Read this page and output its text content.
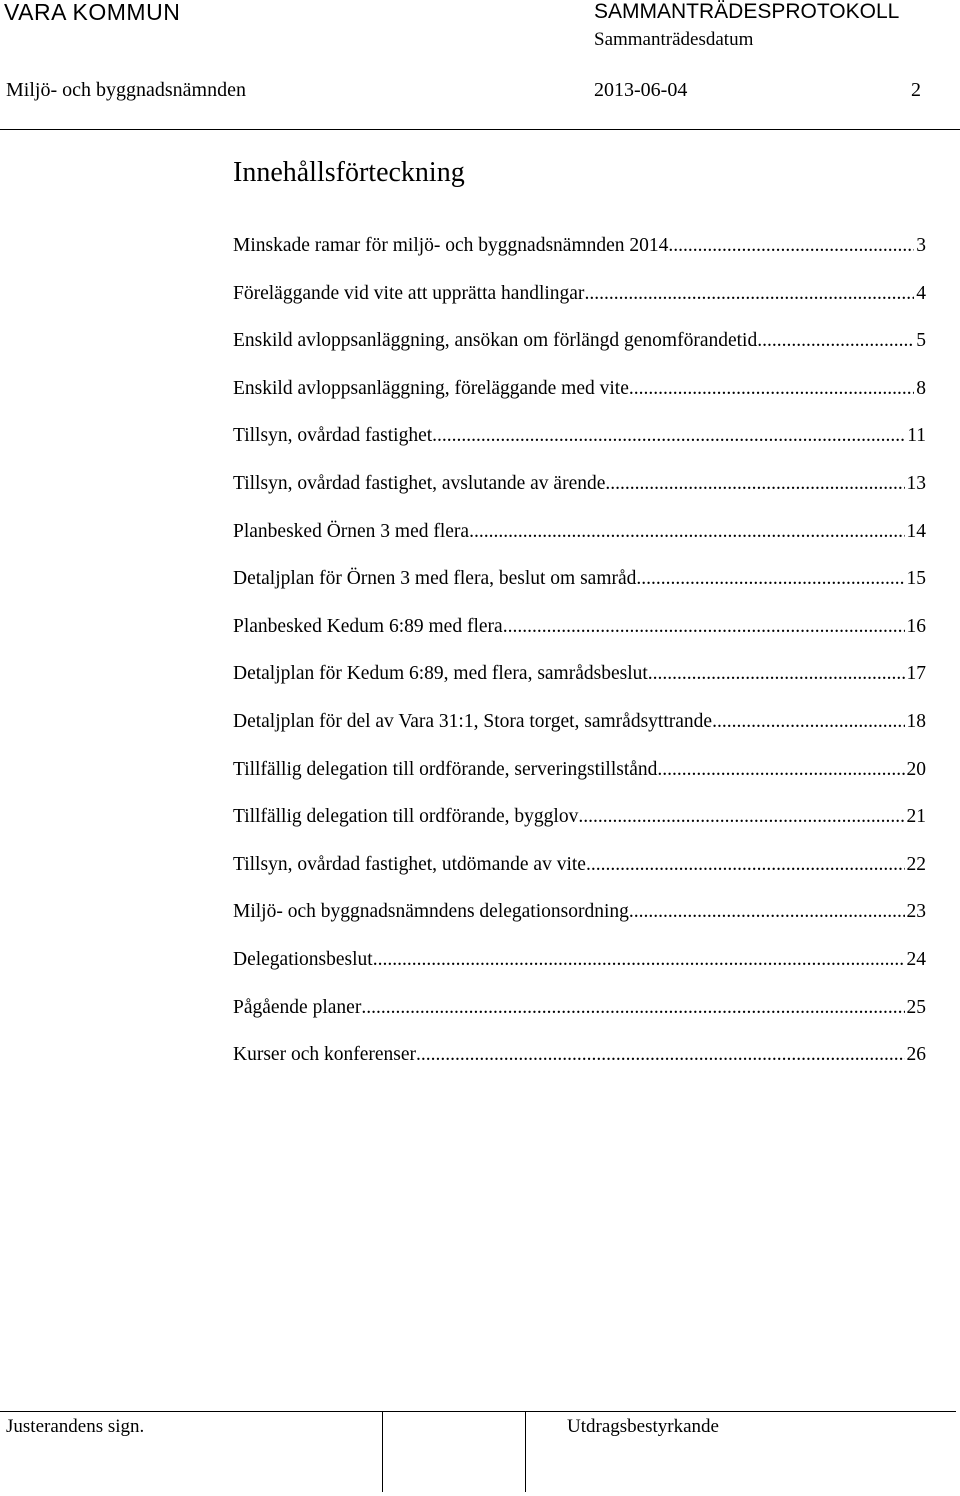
VARA KOMMUN	SAMMANTRÄDESPROTOKOLL
Sammanträdesdatum
Miljö- och byggnadsnämnden	2013-06-04	2
Innehållsförteckning
Minskade ramar för miljö- och byggnadsnämnden 2014 .....	3
Föreläggande vid vite att upprätta handlingar .....	4
Enskild avloppsanläggning, ansökan om förlängd genomförandetid .....	5
Enskild avloppsanläggning, föreläggande med vite .....	8
Tillsyn, ovårdad fastighet .....	11
Tillsyn, ovårdad fastighet, avslutande av ärende .....	13
Planbesked Örnen 3 med flera .....	14
Detaljplan för Örnen 3 med flera, beslut om samråd .....	15
Planbesked Kedum 6:89 med flera .....	16
Detaljplan för Kedum 6:89, med flera, samrådsbeslut .....	17
Detaljplan för del av Vara 31:1, Stora torget, samrådsyttrande .....	18
Tillfällig delegation till ordförande, serveringstillstånd .....	20
Tillfällig delegation till ordförande, bygglov .....	21
Tillsyn, ovårdad fastighet, utdömande av vite .....	22
Miljö- och byggnadsnämndens delegationsordning .....	23
Delegationsbeslut .....	24
Pågående planer .....	25
Kurser och konferenser .....	26
Justerandens sign.	Utdragsbestyrkande
